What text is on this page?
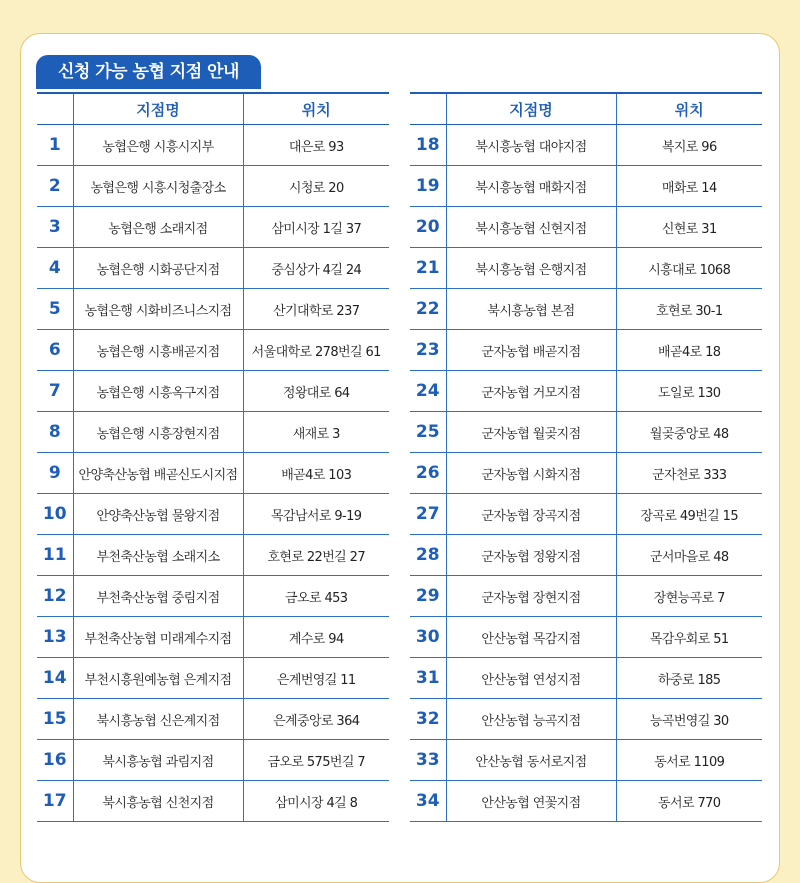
신청 가능 농협 지점 안내
	지점명	위치
1	농협은행 시흥시지부	대은로 93
2	농협은행 시흥시청출장소	시청로 20
3	농협은행 소래지점	삼미시장 1길 37
4	농협은행 시화공단지점	중심상가 4길 24
5	농협은행 시화비즈니스지점	산기대학로 237
6	농협은행 시흥배곧지점	서울대학로 278번길 61
7	농협은행 시흥옥구지점	정왕대로 64
8	농협은행 시흥장현지점	새재로 3
9	안양축산농협 배곧신도시지점	배곧4로 103
10	안양축산농협 물왕지점	목감남서로 9-19
11	부천축산농협 소래지소	호현로 22번길 27
12	부천축산농협 중림지점	금오로 453
13	부천축산농협 미래계수지점	계수로 94
14	부천시흥원예농협 은계지점	은계번영길 11
15	북시흥농협 신은계지점	은계중앙로 364
16	북시흥농협 과림지점	금오로 575번길 7
17	북시흥농협 신천지점	삼미시장 4길 8
	지점명	위치
18	북시흥농협 대야지점	복지로 96
19	북시흥농협 매화지점	매화로 14
20	북시흥농협 신현지점	신현로 31
21	북시흥농협 은행지점	시흥대로 1068
22	북시흥농협 본점	호현로 30-1
23	군자농협 배곧지점	배곧4로 18
24	군자농협 거모지점	도일로 130
25	군자농협 월곶지점	월곶중앙로 48
26	군자농협 시화지점	군자천로 333
27	군자농협 장곡지점	장곡로 49번길 15
28	군자농협 정왕지점	군서마을로 48
29	군자농협 장현지점	장현능곡로 7
30	안산농협 목감지점	목감우회로 51
31	안산농협 연성지점	하중로 185
32	안산농협 능곡지점	능곡번영길 30
33	안산농협 동서로지점	동서로 1109
34	안산농협 연꽃지점	동서로 770
